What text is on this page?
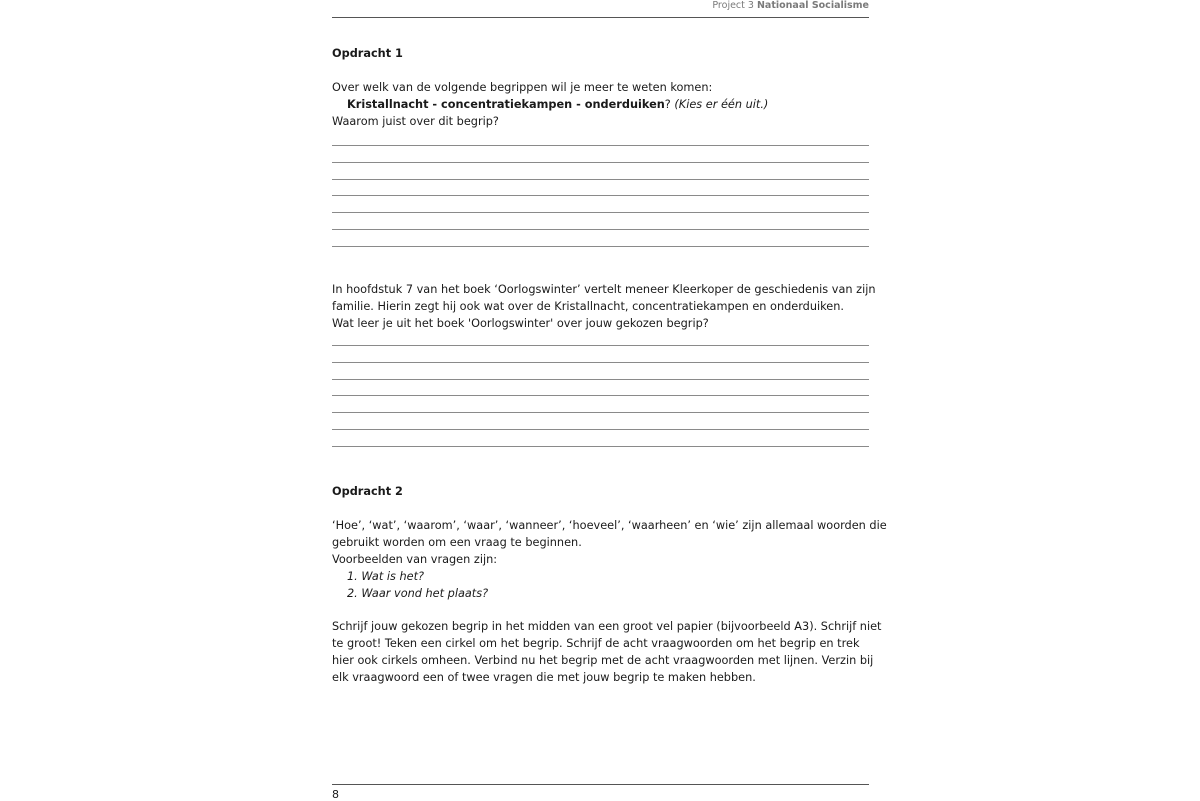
Project 3 Nationaal Socialisme
Opdracht 1
Over welk van de volgende begrippen wil je meer te weten komen:
Kristallnacht - concentratiekampen - onderduiken? (Kies er één uit.)
Waarom juist over dit begrip?
In hoofdstuk 7 van het boek ‘Oorlogswinter’ vertelt meneer Kleerkoper de geschiedenis van zijn
familie. Hierin zegt hij ook wat over de Kristallnacht, concentratiekampen en onderduiken.
Wat leer je uit het boek 'Oorlogswinter' over jouw gekozen begrip?
Opdracht 2
‘Hoe’, ‘wat’, ‘waarom’, ‘waar’, ‘wanneer’, ‘hoeveel’, ‘waarheen’ en ‘wie’ zijn allemaal woorden die
gebruikt worden om een vraag te beginnen.
Voorbeelden van vragen zijn:
1. Wat is het?
2. Waar vond het plaats?
Schrijf jouw gekozen begrip in het midden van een groot vel papier (bijvoorbeeld A3). Schrijf niet
te groot! Teken een cirkel om het begrip. Schrijf de acht vraagwoorden om het begrip en trek
hier ook cirkels omheen. Verbind nu het begrip met de acht vraagwoorden met lijnen. Verzin bij
elk vraagwoord een of twee vragen die met jouw begrip te maken hebben.
8
